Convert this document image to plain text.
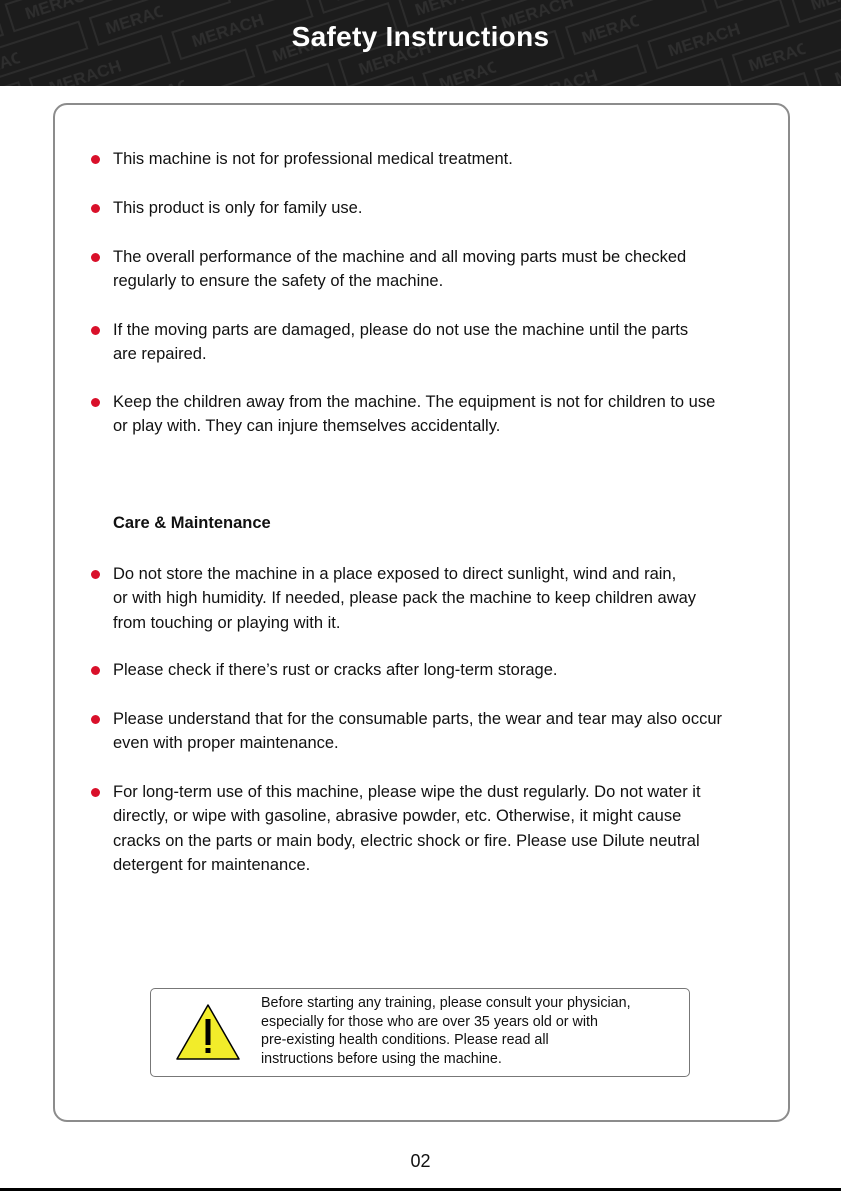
Safety Instructions
This machine is not for professional medical treatment.
This product is only for family use.
The overall performance of the machine and all moving parts must be checked
regularly to ensure the safety of the machine.
If the moving parts are damaged, please do not use the machine until the parts
are repaired.
Keep the children away from the machine. The equipment is not for children to use
or play with. They can injure themselves accidentally.
Care & Maintenance
Do not store the machine in a place exposed to direct sunlight, wind and rain,
or with high humidity. If needed, please pack the machine to keep children away
from touching or playing with it.
Please check if there’s rust or cracks after long-term storage.
Please understand that for the consumable parts, the wear and tear may also occur
even with proper maintenance.
For long-term use of this machine, please wipe the dust regularly. Do not water it
directly, or wipe with gasoline, abrasive powder, etc. Otherwise, it might cause
cracks on the parts or main body, electric shock or fire. Please use Dilute neutral
detergent for maintenance.
Before starting any training, please consult your physician,
especially for those who are over 35 years old or with
pre-existing health conditions. Please read all
instructions before using the machine.
02
